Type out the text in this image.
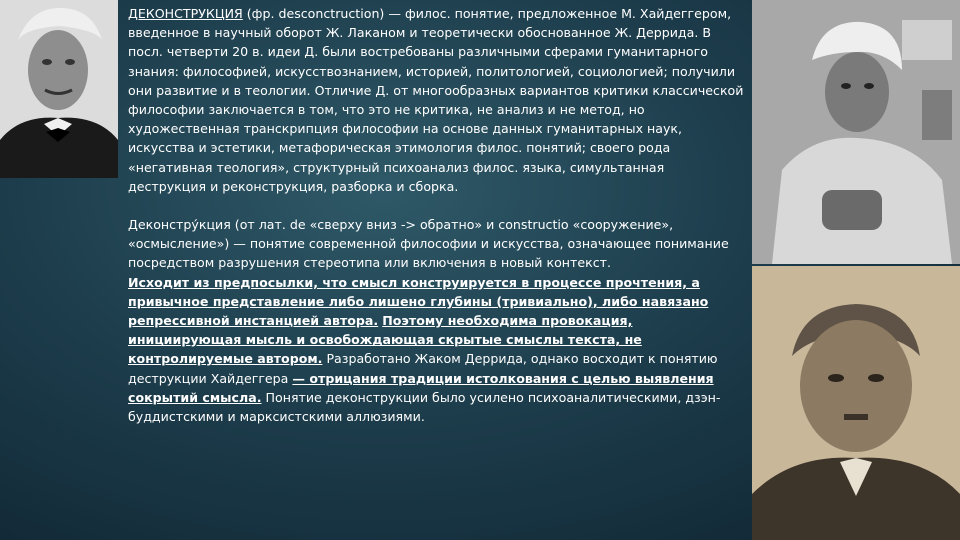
ДЕКОНСТРУКЦИЯ (фр. desconctruction) — филос. понятие, предложенное М. Хайдеггером, введенное в научный оборот Ж. Лаканом и теоретически обоснованное Ж. Деррида. В посл. четверти 20 в. идеи Д. были востребованы различными сферами гуманитарного знания: философией, искусствознанием, историей, политологией, социологией; получили они развитие и в теологии. Отличие Д. от многообразных вариантов критики классической философии заключается в том, что это не критика, не анализ и не метод, но художественная транскрипция философии на основе данных гуманитарных наук, искусства и эстетики, метафорическая этимология филос. понятий; своего рода «негативная теология», структурный психоанализ филос. языка, симультанная деструкция и реконструкция, разборка и сборка.

Деконстру́кция (от лат. de «сверху вниз -> обратно» и constructio «сооружение», «осмысление») — понятие современной философии и искусства, означающее понимание посредством разрушения стереотипа или включения в новый контекст.

Исходит из предпосылки, что смысл конструируется в процессе прочтения, а привычное представление либо лишено глубины (тривиально), либо навязано репрессивной инстанцией автора. Поэтому необходима провокация, инициирующая мысль и освобождающая скрытые смыслы текста, не контролируемые автором. Разработано Жаком Деррида, однако восходит к понятию деструкции Хайдеггера — отрицания традиции истолкования с целью выявления сокрытий смысла. Понятие деконструкции было усилено психоаналитическими, дзэн-буддистскими и марксистскими аллюзиями.
